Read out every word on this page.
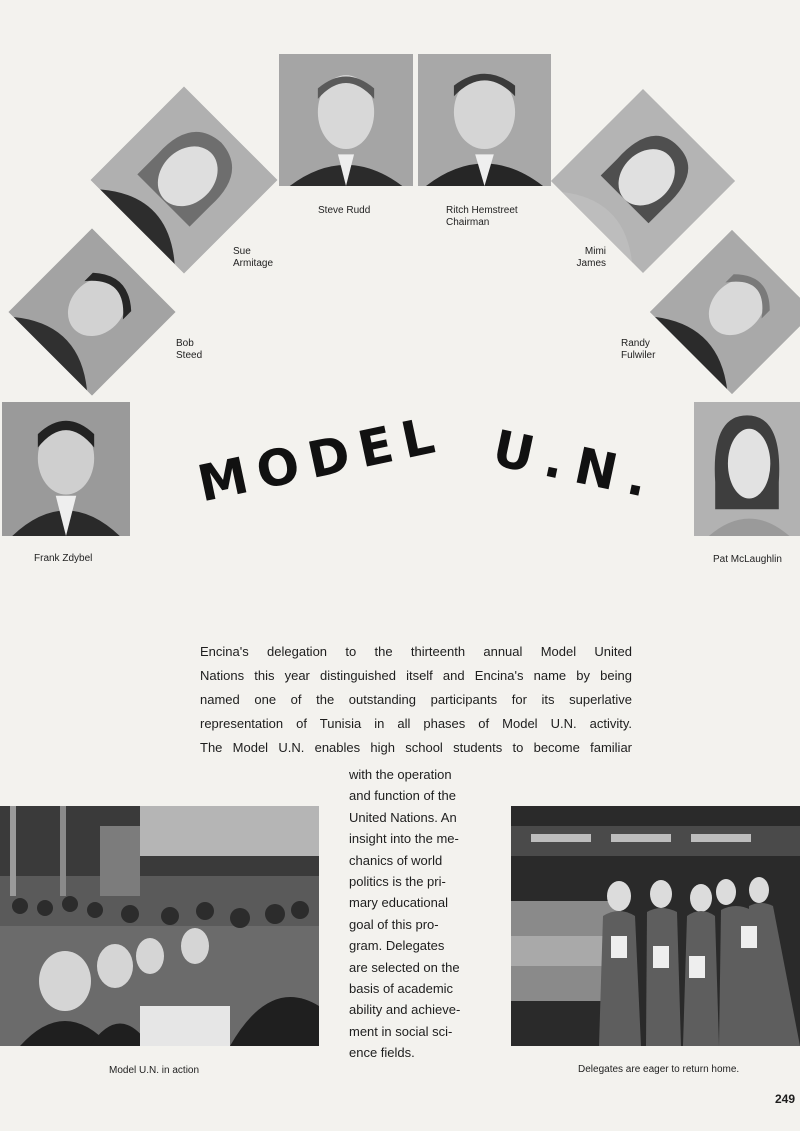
Frank Zdybel
Bob
Steed
Sue
Armitage
Steve Rudd	Ritch Hemstreet
Chairman
Mimi
James
Randy
Fulwiler
Pat McLaughlin
MODEL U.N.

Encina's delegation to the thirteenth annual Model United

Nations this year distinguished itself and Encina's name by being

named one of the outstanding participants for its superlative

representation of Tunisia in all phases of Model U.N. activity.

The Model U.N. enables high school students to become familiar

with the operation

and function of the

United Nations. An

insight into the me-

chanics of world

politics is the pri-

mary educational

goal of this pro-

gram. Delegates

are selected on the

basis of academic

ability and achieve-

ment in social sci-

ence fields.

Model U.N. in action	Delegates are eager to return home.
249
